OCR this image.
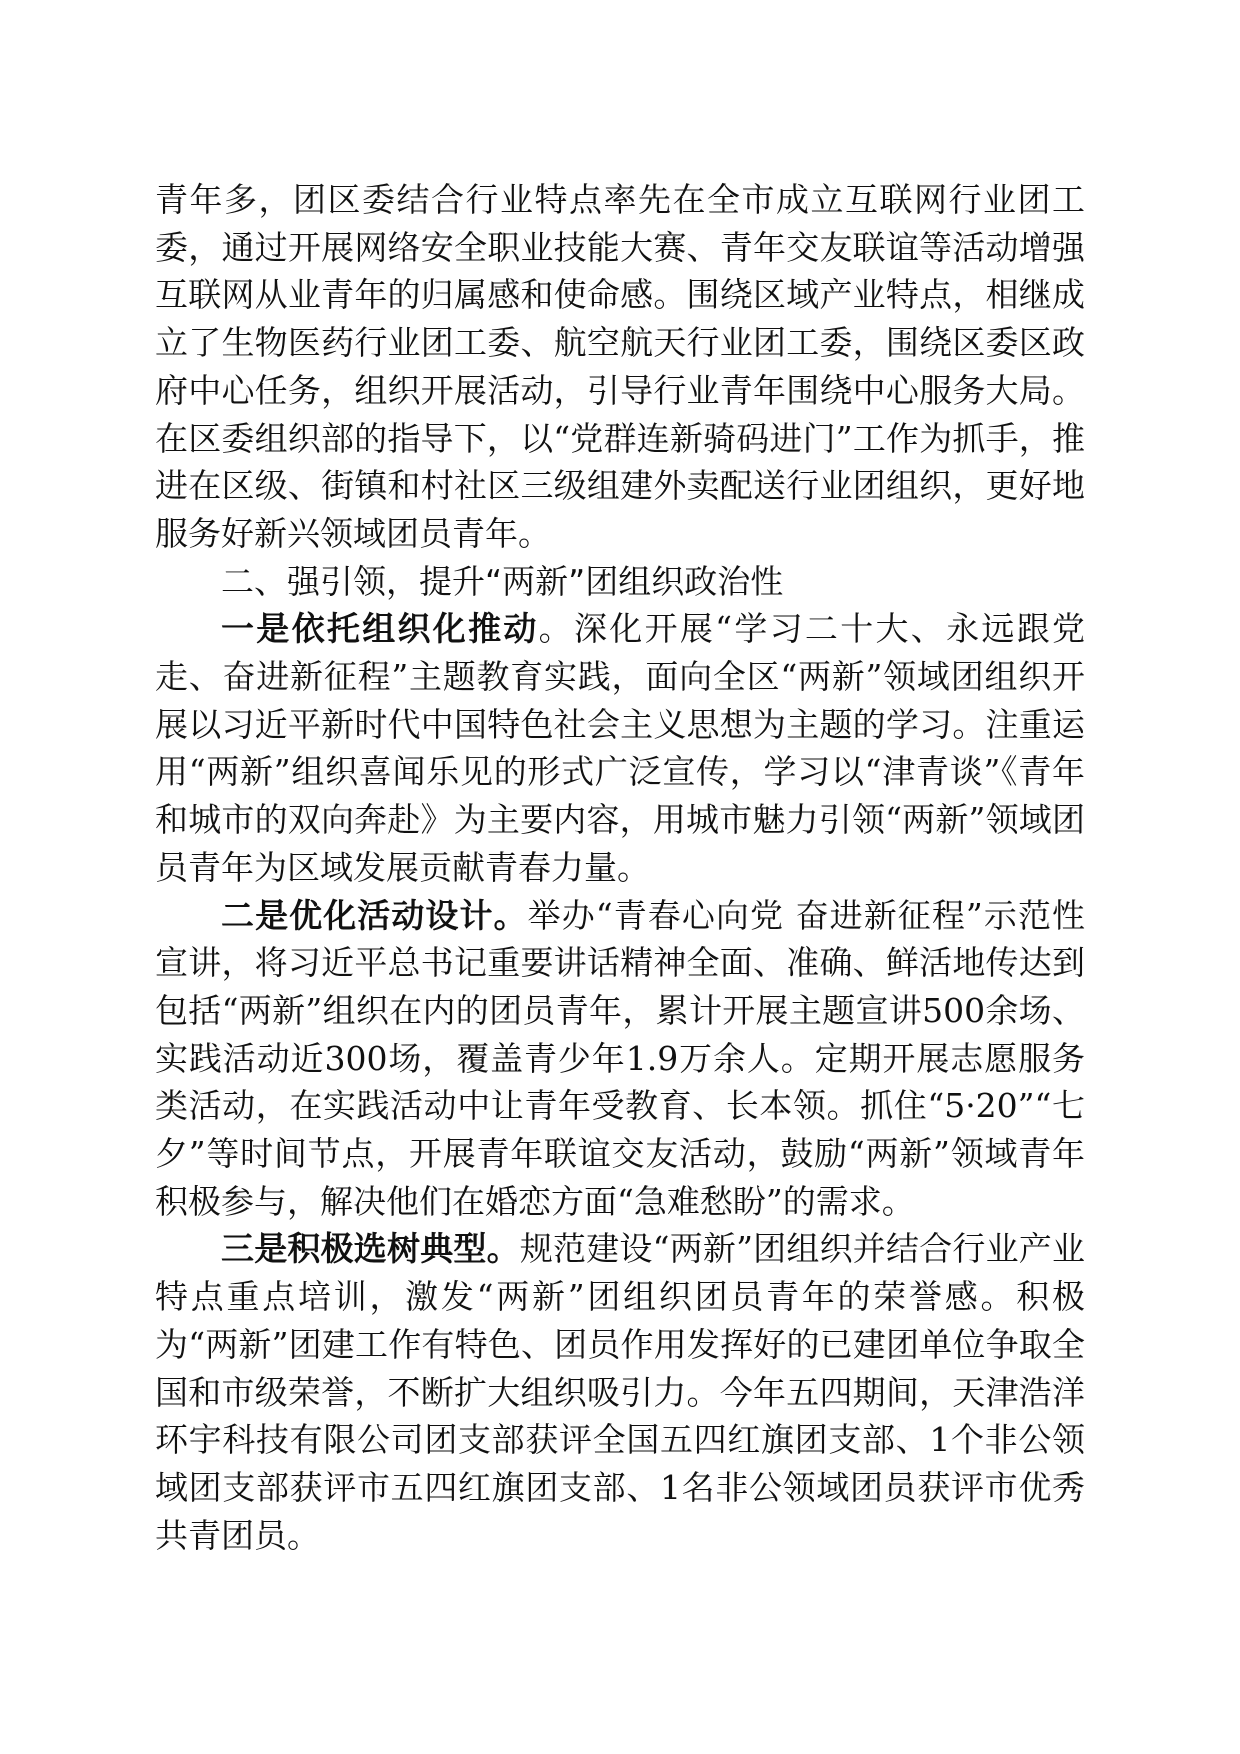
青年多，团区委结合行业特点率先在全市成立互联网行业团工委，通过开展网络安全职业技能大赛、青年交友联谊等活动增强互联网从业青年的归属感和使命感。围绕区域产业特点，相继成立了生物医药行业团工委、航空航天行业团工委，围绕区委区政府中心任务，组织开展活动，引导行业青年围绕中心服务大局。在区委组织部的指导下，以“党群连新骑码进门”工作为抓手，推进在区级、街镇和村社区三级组建外卖配送行业团组织，更好地服务好新兴领域团员青年。

二、强引领，提升“两新”团组织政治性

一是依托组织化推动。深化开展“学习二十大、永远跟党走、奋进新征程”主题教育实践，面向全区“两新”领域团组织开展以习近平新时代中国特色社会主义思想为主题的学习。注重运用“两新”组织喜闻乐见的形式广泛宣传，学习以“津青谈”《青年和城市的双向奔赴》为主要内容，用城市魅力引领“两新”领域团员青年为区域发展贡献青春力量。

二是优化活动设计。举办“青春心向党 奋进新征程”示范性宣讲，将习近平总书记重要讲话精神全面、准确、鲜活地传达到包括“两新”组织在内的团员青年，累计开展主题宣讲500余场、实践活动近300场，覆盖青少年1.9万余人。定期开展志愿服务类活动，在实践活动中让青年受教育、长本领。抓住“5·20”“七夕”等时间节点，开展青年联谊交友活动，鼓励“两新”领域青年积极参与，解决他们在婚恋方面“急难愁盼”的需求。

三是积极选树典型。规范建设“两新”团组织并结合行业产业特点重点培训，激发“两新”团组织团员青年的荣誉感。积极为“两新”团建工作有特色、团员作用发挥好的已建团单位争取全国和市级荣誉，不断扩大组织吸引力。今年五四期间，天津浩洋环宇科技有限公司团支部获评全国五四红旗团支部、1个非公领域团支部获评市五四红旗团支部、1名非公领域团员获评市优秀共青团员。
